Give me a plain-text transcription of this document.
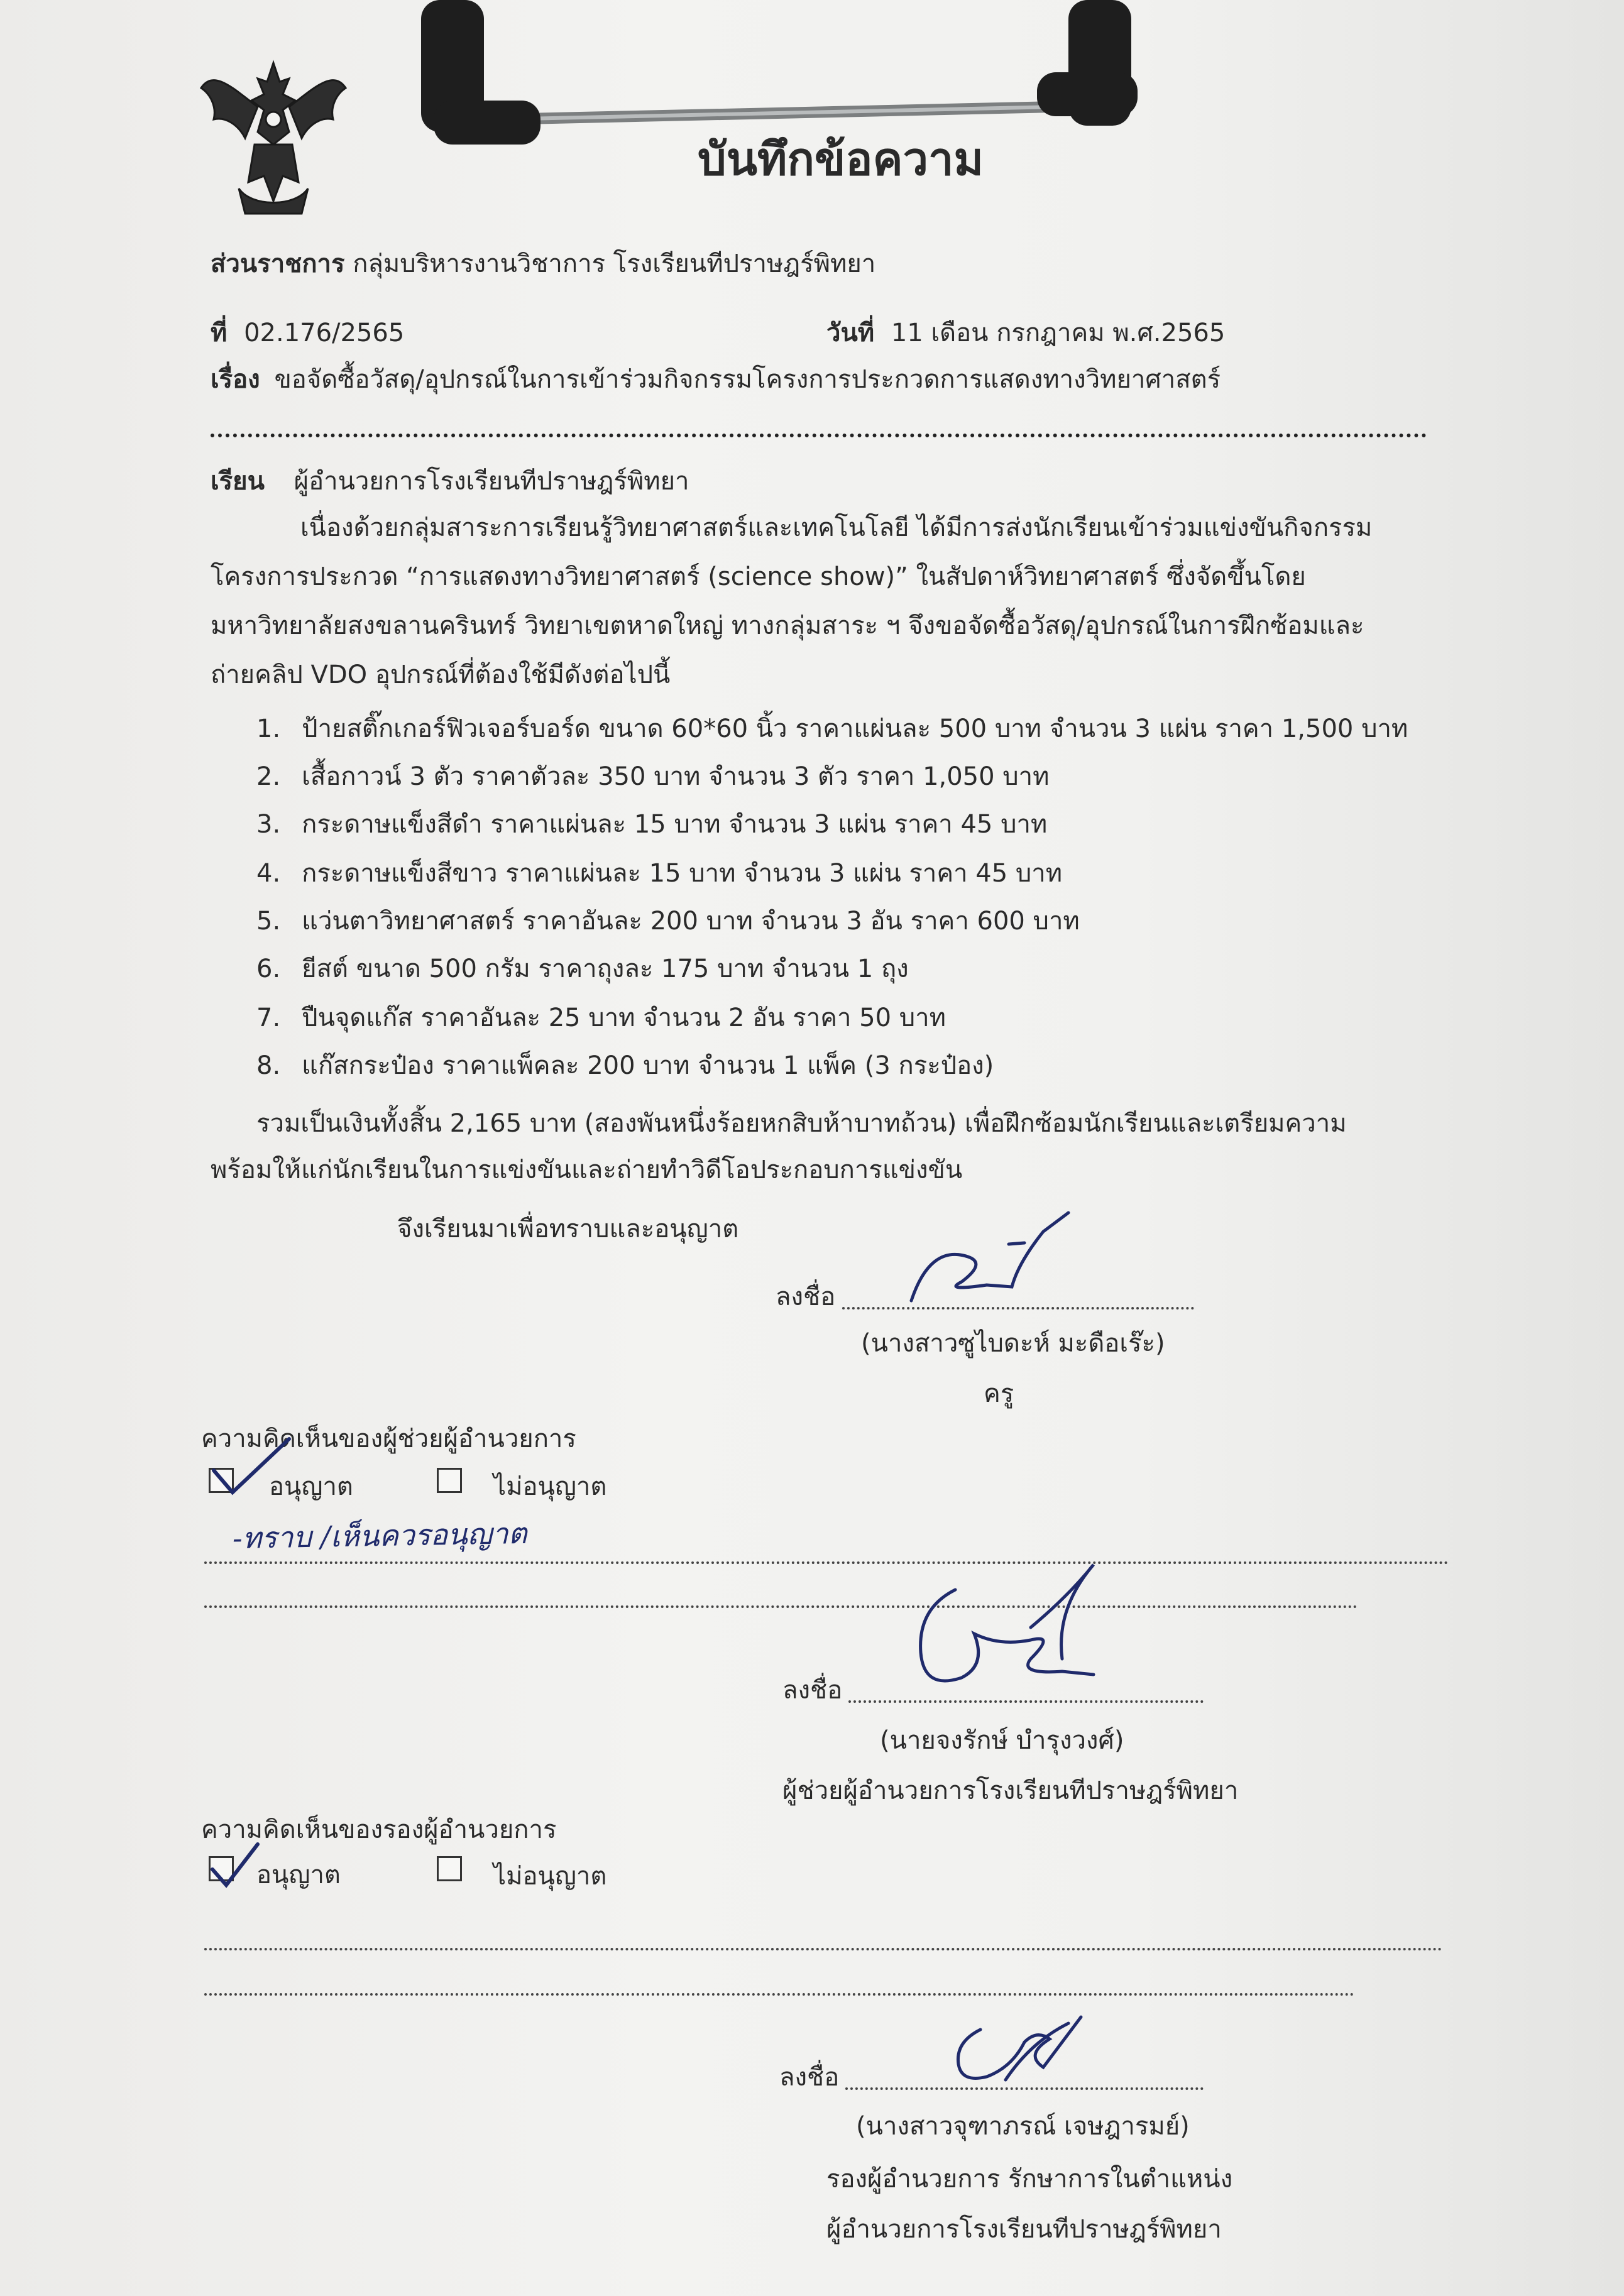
บันทึกข้อความ
ส่วนราชการ กลุ่มบริหารงานวิชาการ โรงเรียนทีปราษฎร์พิทยา
ที่ 02.176/2565	วันที่ 11 เดือน กรกฎาคม พ.ศ.2565
เรื่อง ขอจัดซื้อวัสดุ/อุปกรณ์ในการเข้าร่วมกิจกรรมโครงการประกวดการแสดงทางวิทยาศาสตร์
เรียน ผู้อำนวยการโรงเรียนทีปราษฎร์พิทยา
เนื่องด้วยกลุ่มสาระการเรียนรู้วิทยาศาสตร์และเทคโนโลยี ได้มีการส่งนักเรียนเข้าร่วมแข่งขันกิจกรรม
โครงการประกวด “การแสดงทางวิทยาศาสตร์ (science show)” ในสัปดาห์วิทยาศาสตร์ ซึ่งจัดขึ้นโดย
มหาวิทยาลัยสงขลานครินทร์ วิทยาเขตหาดใหญ่ ทางกลุ่มสาระ ฯ จึงขอจัดซื้อวัสดุ/อุปกรณ์ในการฝึกซ้อมและ
ถ่ายคลิป VDO อุปกรณ์ที่ต้องใช้มีดังต่อไปนี้
1. ป้ายสติ๊กเกอร์ฟิวเจอร์บอร์ด ขนาด 60*60 นิ้ว ราคาแผ่นละ 500 บาท จำนวน 3 แผ่น ราคา 1,500 บาท
2. เสื้อกาวน์ 3 ตัว ราคาตัวละ 350 บาท จำนวน 3 ตัว ราคา 1,050 บาท
3. กระดาษแข็งสีดำ ราคาแผ่นละ 15 บาท จำนวน 3 แผ่น ราคา 45 บาท
4. กระดาษแข็งสีขาว ราคาแผ่นละ 15 บาท จำนวน 3 แผ่น ราคา 45 บาท
5. แว่นตาวิทยาศาสตร์ ราคาอันละ 200 บาท จำนวน 3 อัน ราคา 600 บาท
6. ยีสต์ ขนาด 500 กรัม ราคาถุงละ 175 บาท จำนวน 1 ถุง
7. ปืนจุดแก๊ส ราคาอันละ 25 บาท จำนวน 2 อัน ราคา 50 บาท
8. แก๊สกระป๋อง ราคาแพ็คละ 200 บาท จำนวน 1 แพ็ค (3 กระป๋อง)
รวมเป็นเงินทั้งสิ้น 2,165 บาท (สองพันหนึ่งร้อยหกสิบห้าบาทถ้วน) เพื่อฝึกซ้อมนักเรียนและเตรียมความ
พร้อมให้แก่นักเรียนในการแข่งขันและถ่ายทำวิดีโอประกอบการแข่งขัน
จึงเรียนมาเพื่อทราบและอนุญาต
ลงชื่อ
(นางสาวซูไบดะห์ มะดือเร๊ะ)
ครู
ความคิดเห็นของผู้ช่วยผู้อำนวยการ
อนุญาต	ไม่อนุญาต
-ทราบ /เห็นควรอนุญาต
ลงชื่อ
(นายจงรักษ์ บำรุงวงศ์)
ผู้ช่วยผู้อำนวยการโรงเรียนทีปราษฎร์พิทยา
ความคิดเห็นของรองผู้อำนวยการ
อนุญาต	ไม่อนุญาต
ลงชื่อ
(นางสาวจุฑาภรณ์ เจษฎารมย์)
รองผู้อำนวยการ รักษาการในตำแหน่ง
ผู้อำนวยการโรงเรียนทีปราษฎร์พิทยา
